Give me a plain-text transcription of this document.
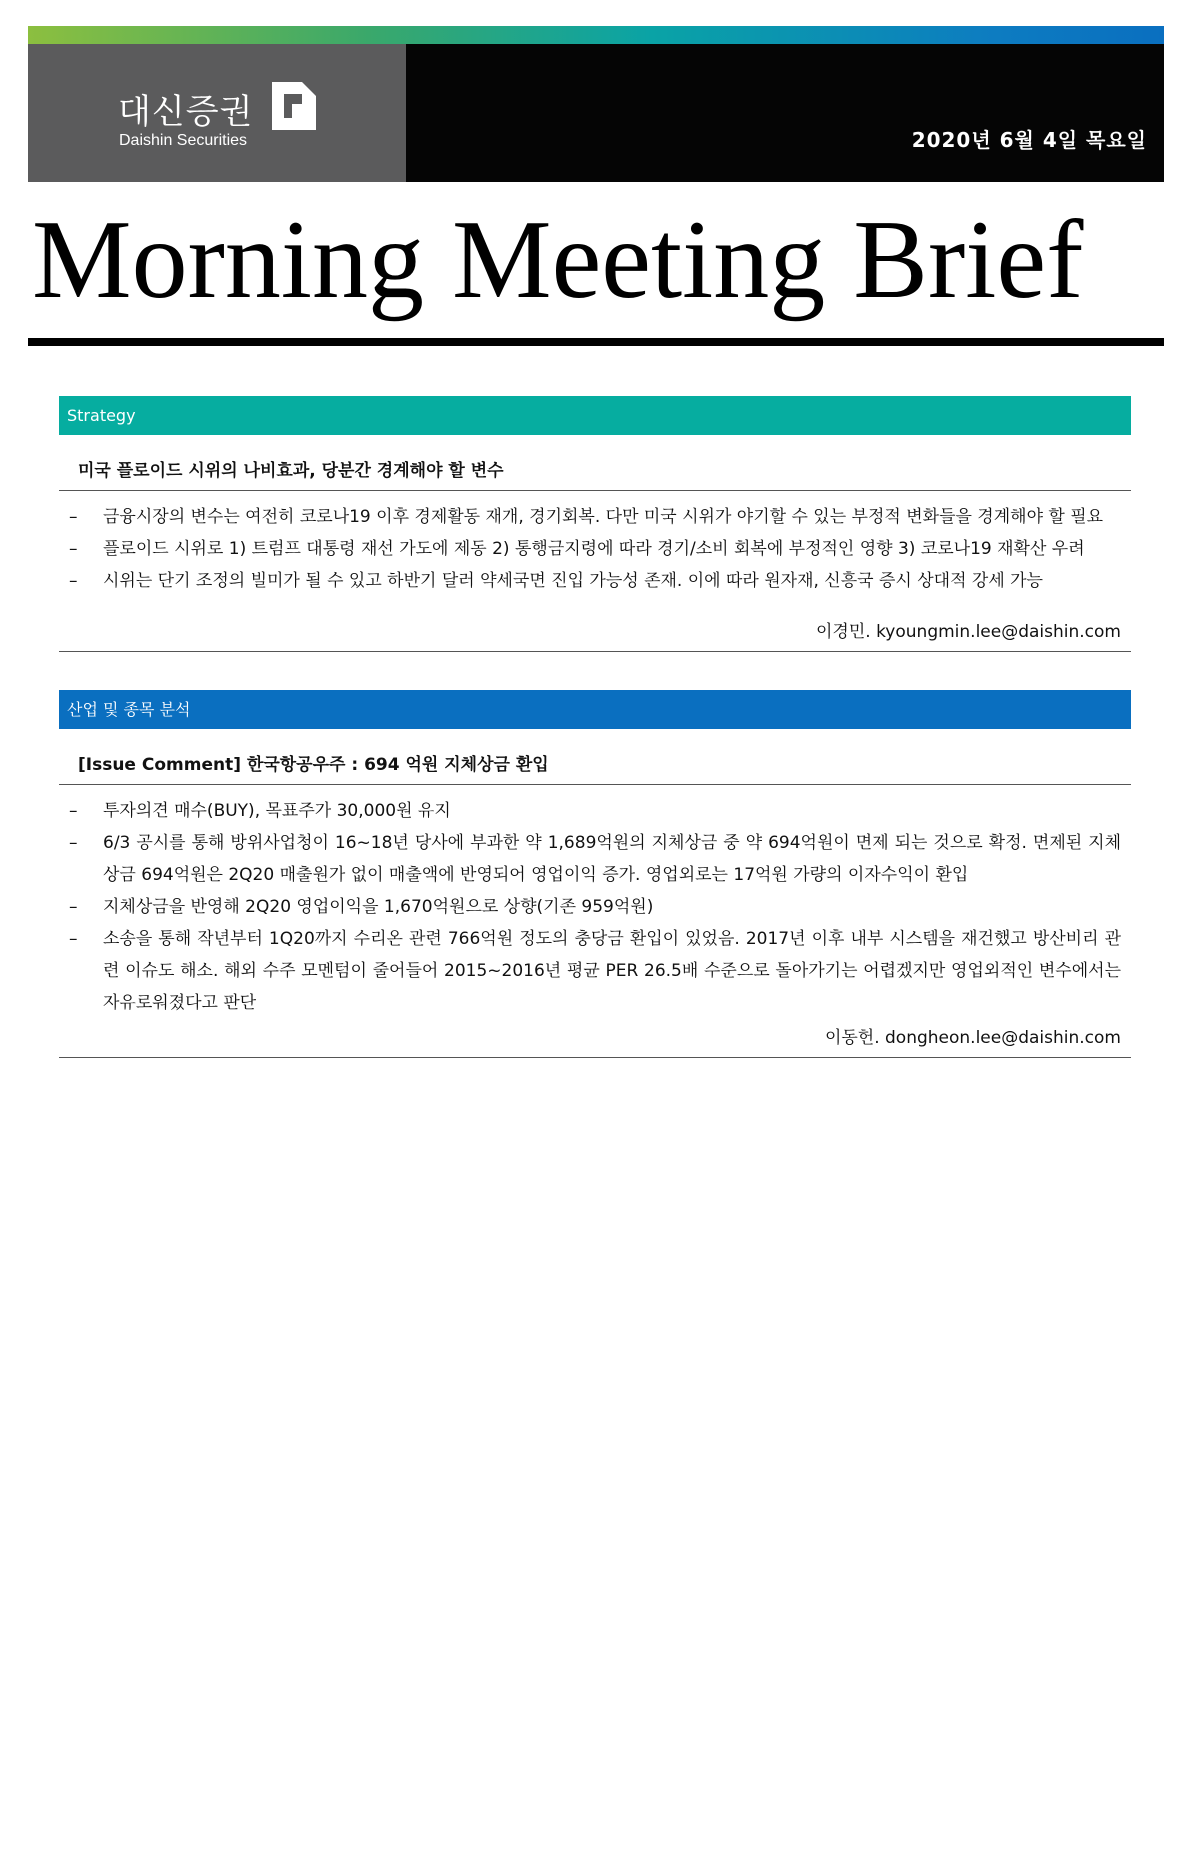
대신증권
Daishin Securities	2020년 6월 4일 목요일
Morning Meeting Brief
Strategy
미국 플로이드 시위의 나비효과, 당분간 경계해야 할 변수
– 금융시장의 변수는 여전히 코로나19 이후 경제활동 재개, 경기회복. 다만 미국 시위가 야기할 수 있는 부정적 변화들을 경계해야 할 필요
– 플로이드 시위로 1) 트럼프 대통령 재선 가도에 제동 2) 통행금지령에 따라 경기/소비 회복에 부정적인 영향 3) 코로나19 재확산 우려
– 시위는 단기 조정의 빌미가 될 수 있고 하반기 달러 약세국면 진입 가능성 존재. 이에 따라 원자재, 신흥국 증시 상대적 강세 가능
이경민. kyoungmin.lee@daishin.com
산업 및 종목 분석
[Issue Comment] 한국항공우주 : 694 억원 지체상금 환입
– 투자의견 매수(BUY), 목표주가 30,000원 유지
– 6/3 공시를 통해 방위사업청이 16~18년 당사에 부과한 약 1,689억원의 지체상금 중 약 694억원이 면제 되는 것으로 확정. 면제된 지체상금 694억원은 2Q20 매출원가 없이 매출액에 반영되어 영업이익 증가. 영업외로는 17억원 가량의 이자수익이 환입
– 지체상금을 반영해 2Q20 영업이익을 1,670억원으로 상향(기존 959억원)
– 소송을 통해 작년부터 1Q20까지 수리온 관련 766억원 정도의 충당금 환입이 있었음. 2017년 이후 내부 시스템을 재건했고 방산비리 관련 이슈도 해소. 해외 수주 모멘텀이 줄어들어 2015~2016년 평균 PER 26.5배 수준으로 돌아가기는 어렵겠지만 영업외적인 변수에서는 자유로워졌다고 판단
이동헌. dongheon.lee@daishin.com
